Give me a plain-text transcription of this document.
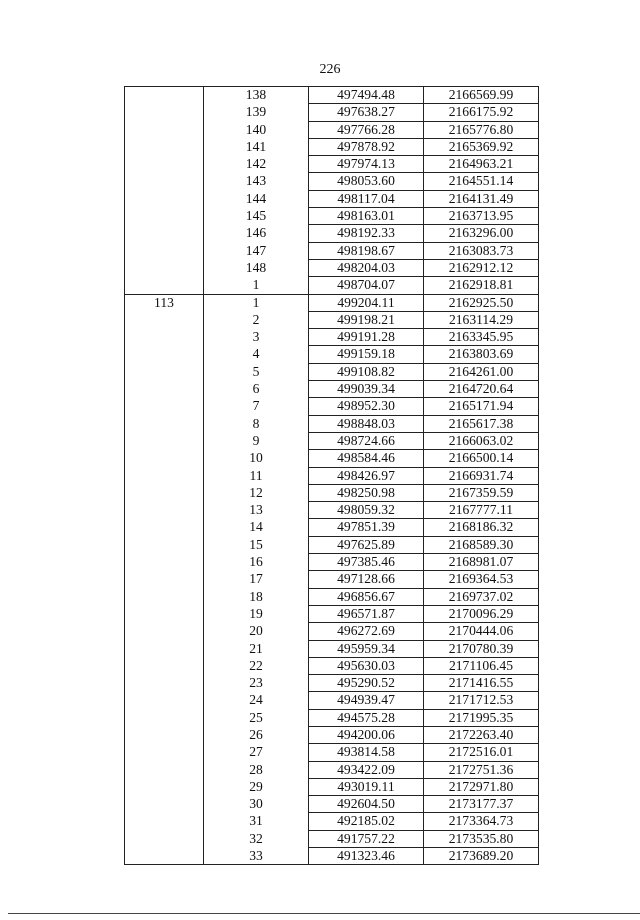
226
	138	497494.48	2166569.99
	139	497638.27	2166175.92
	140	497766.28	2165776.80
	141	497878.92	2165369.92
	142	497974.13	2164963.21
	143	498053.60	2164551.14
	144	498117.04	2164131.49
	145	498163.01	2163713.95
	146	498192.33	2163296.00
	147	498198.67	2163083.73
	148	498204.03	2162912.12
	1	498704.07	2162918.81
113	1	499204.11	2162925.50
	2	499198.21	2163114.29
	3	499191.28	2163345.95
	4	499159.18	2163803.69
	5	499108.82	2164261.00
	6	499039.34	2164720.64
	7	498952.30	2165171.94
	8	498848.03	2165617.38
	9	498724.66	2166063.02
	10	498584.46	2166500.14
	11	498426.97	2166931.74
	12	498250.98	2167359.59
	13	498059.32	2167777.11
	14	497851.39	2168186.32
	15	497625.89	2168589.30
	16	497385.46	2168981.07
	17	497128.66	2169364.53
	18	496856.67	2169737.02
	19	496571.87	2170096.29
	20	496272.69	2170444.06
	21	495959.34	2170780.39
	22	495630.03	2171106.45
	23	495290.52	2171416.55
	24	494939.47	2171712.53
	25	494575.28	2171995.35
	26	494200.06	2172263.40
	27	493814.58	2172516.01
	28	493422.09	2172751.36
	29	493019.11	2172971.80
	30	492604.50	2173177.37
	31	492185.02	2173364.73
	32	491757.22	2173535.80
	33	491323.46	2173689.20
